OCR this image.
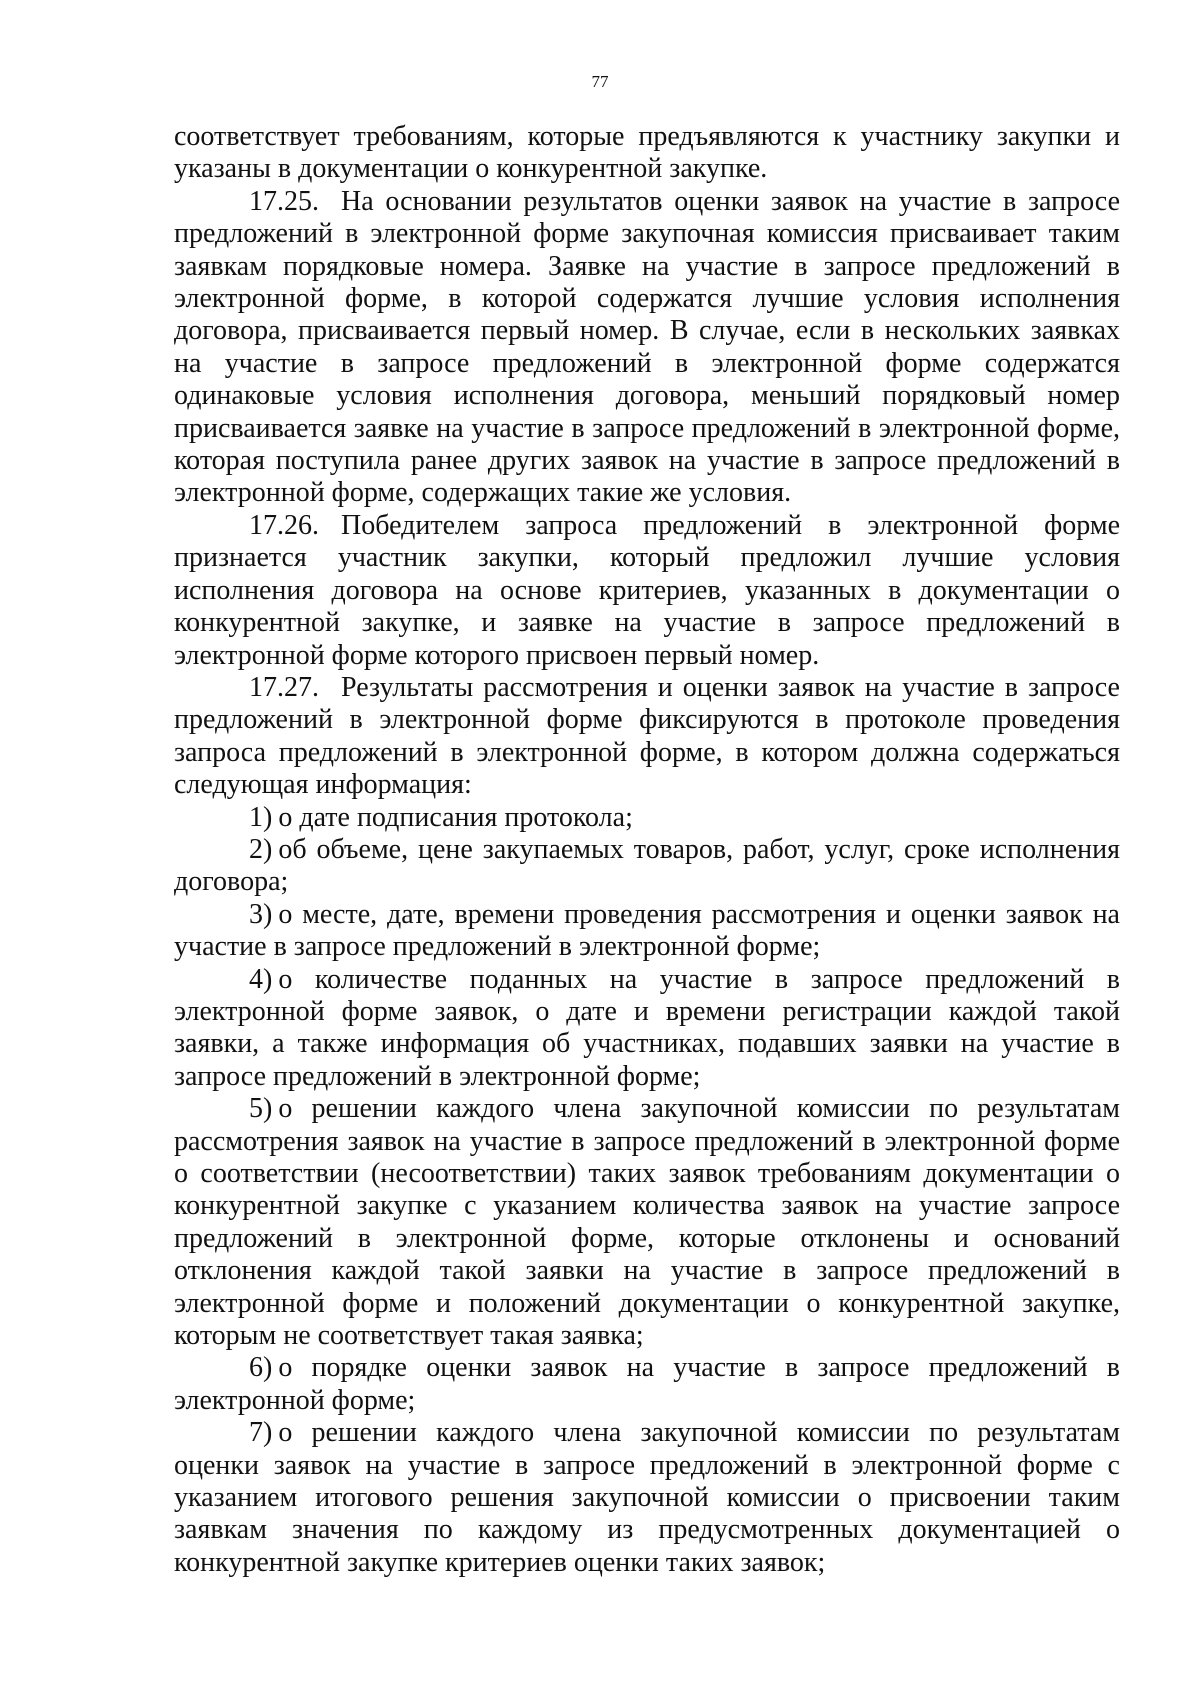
77

соответствует требованиям, которые предъявляются к участнику закупки и указаны в документации о конкурентной закупке.

17.25. На основании результатов оценки заявок на участие в запросе предложений в электронной форме закупочная комиссия присваивает таким заявкам порядковые номера. Заявке на участие в запросе предложений в электронной форме, в которой содержатся лучшие условия исполнения договора, присваивается первый номер. В случае, если в нескольких заявках на участие в запросе предложений в электронной форме содержатся одинаковые условия исполнения договора, меньший порядковый номер присваивается заявке на участие в запросе предложений в электронной форме, которая поступила ранее других заявок на участие в запросе предложений в электронной форме, содержащих такие же условия.

17.26. Победителем запроса предложений в электронной форме признается участник закупки, который предложил лучшие условия исполнения договора на основе критериев, указанных в документации о конкурентной закупке, и заявке на участие в запросе предложений в электронной форме которого присвоен первый номер.

17.27. Результаты рассмотрения и оценки заявок на участие в запросе предложений в электронной форме фиксируются в протоколе проведения запроса предложений в электронной форме, в котором должна содержаться следующая информация:

1) о дате подписания протокола;

2) об объеме, цене закупаемых товаров, работ, услуг, сроке исполнения договора;

3) о месте, дате, времени проведения рассмотрения и оценки заявок на участие в запросе предложений в электронной форме;

4) о количестве поданных на участие в запросе предложений в электронной форме заявок, о дате и времени регистрации каждой такой заявки, а также информация об участниках, подавших заявки на участие в запросе предложений в электронной форме;

5) о решении каждого члена закупочной комиссии по результатам рассмотрения заявок на участие в запросе предложений в электронной форме о соответствии (несоответствии) таких заявок требованиям документации о конкурентной закупке с указанием количества заявок на участие запросе предложений в электронной форме, которые отклонены и оснований отклонения каждой такой заявки на участие в запросе предложений в электронной форме и положений документации о конкурентной закупке, которым не соответствует такая заявка;

6) о порядке оценки заявок на участие в запросе предложений в электронной форме;

7) о решении каждого члена закупочной комиссии по результатам оценки заявок на участие в запросе предложений в электронной форме с указанием итогового решения закупочной комиссии о присвоении таким заявкам значения по каждому из предусмотренных документацией о конкурентной закупке критериев оценки таких заявок;
